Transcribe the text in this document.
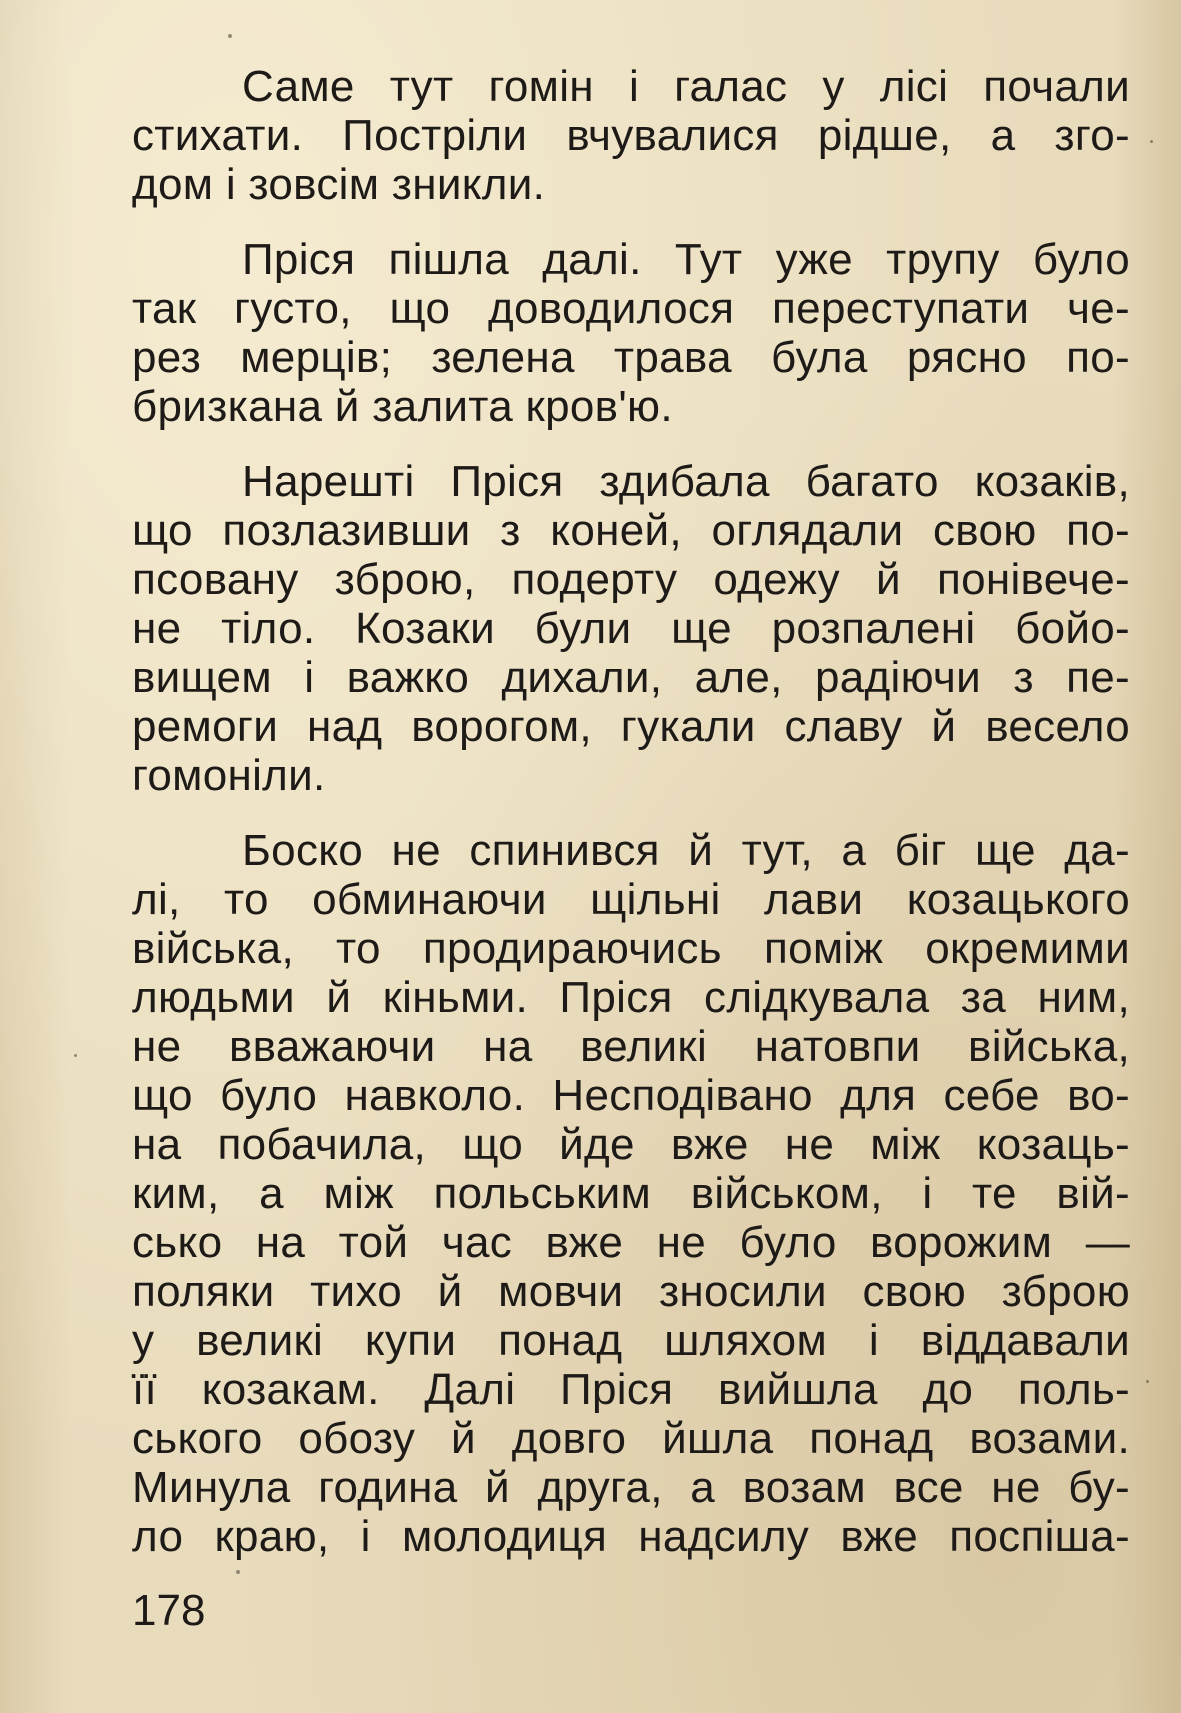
Саме тут гомін і галас у лісі почали
стихати. Постріли вчувалися рідше, а зго-
дом і зовсім зникли.
Пріся пішла далі. Тут уже трупу було
так густо, що доводилося переступати че-
рез мерців; зелена трава була рясно по-
бризкана й залита кров'ю.
Нарешті Пріся здибала багато козаків,
що позлазивши з коней, оглядали свою по-
псовану зброю, подерту одежу й понівече-
не тіло. Козаки були ще розпалені бойо-
вищем і важко дихали, але, радіючи з пе-
ремоги над ворогом, гукали славу й весело
гомоніли.
Боско не спинився й тут, а біг ще да-
лі, то обминаючи щільні лави козацького
війська, то продираючись поміж окремими
людьми й кіньми. Пріся слідкувала за ним,
не вважаючи на великі натовпи війська,
що було навколо. Несподівано для себе во-
на побачила, що йде вже не між козаць-
ким, а між польським військом, і те вій-
сько на той час вже не було ворожим —
поляки тихо й мовчи зносили свою зброю
у великі купи понад шляхом і віддавали
її козакам. Далі Пріся вийшла до поль-
ського обозу й довго йшла понад возами.
Минула година й друга, а возам все не бу-
ло краю, і молодиця надсилу вже поспіша-
178
